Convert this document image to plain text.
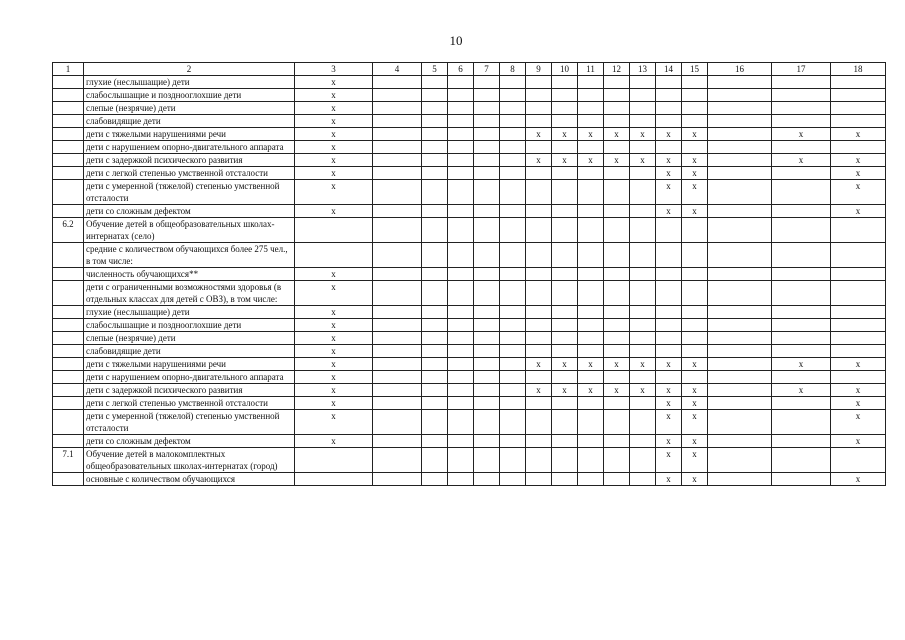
10
1	2	3	4	5	6	7	8	9	10	11	12	13	14	15	16	17	18
	глухие (неслышащие) дети	x															
	слабослышащие и позднооглохшие дети	x															
	слепые (незрячие) дети	x															
	слабовидящие дети	x															
	дети с тяжелыми нарушениями речи	x						x	x	x	x	x	x	x		x	x
	дети с нарушением опорно-двигательного аппарата	x															
	дети с задержкой психического развития	x						x	x	x	x	x	x	x		x	x
	дети с легкой степенью умственной отсталости	x											x	x			x
	дети с умеренной (тяжелой) степенью умственной отсталости	x											x	x			x
	дети со сложным дефектом	x											x	x			x
6.2	Обучение детей в общеобразовательных школах-интернатах (село)																
	средние с количеством обучающихся более 275 чел., в том числе:																
	численность обучающихся**	x															
	дети с ограниченными возможностями здоровья (в отдельных классах для детей с ОВЗ), в том числе:	x															
	глухие (неслышащие) дети	x															
	слабослышащие и позднооглохшие дети	x															
	слепые (незрячие) дети	x															
	слабовидящие дети	x															
	дети с тяжелыми нарушениями речи	x						x	x	x	x	x	x	x		x	x
	дети с нарушением опорно-двигательного аппарата	x															
	дети с задержкой психического развития	x						x	x	x	x	x	x	x		x	x
	дети с легкой степенью умственной отсталости	x											x	x			x
	дети с умеренной (тяжелой) степенью умственной отсталости	x											x	x			x
	дети со сложным дефектом	x											x	x			x
7.1	Обучение детей в малокомплектных общеобразовательных школах-интернатах (город)												x	x			
	основные с количеством обучающихся												x	x			x
